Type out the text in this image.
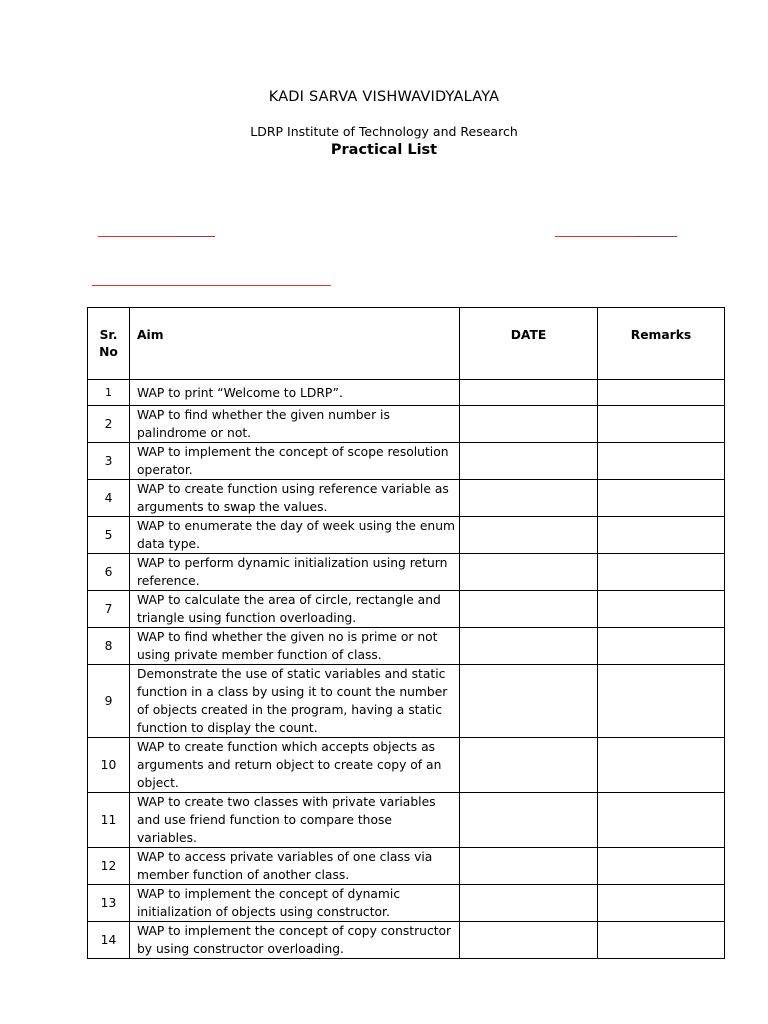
KADI SARVA VISHWAVIDYALAYA
LDRP Institute of Technology and Research
Practical List
Sr.
No	Aim	DATE	Remarks
1	WAP to print “Welcome to LDRP”.		
2	WAP to find whether the given number is palindrome or not.		
3	WAP to implement the concept of scope resolution operator.		
4	WAP to create function using reference variable as arguments to swap the values.		
5	WAP to enumerate the day of week using the enum data type.		
6	WAP to perform dynamic initialization using return reference.		
7	WAP to calculate the area of circle, rectangle and triangle using function overloading.		
8	WAP to find whether the given no is prime or not using private member function of class.		
9	Demonstrate the use of static variables and static function in a class by using it to count the number of objects created in the program, having a static function to display the count.		
10	WAP to create function which accepts objects as arguments and return object to create copy of an object.		
11	WAP to create two classes with private variables and use friend function to compare those variables.		
12	WAP to access private variables of one class via member function of another class.		
13	WAP to implement the concept of dynamic initialization of objects using constructor.		
14	WAP to implement the concept of copy constructor by using constructor overloading.		
